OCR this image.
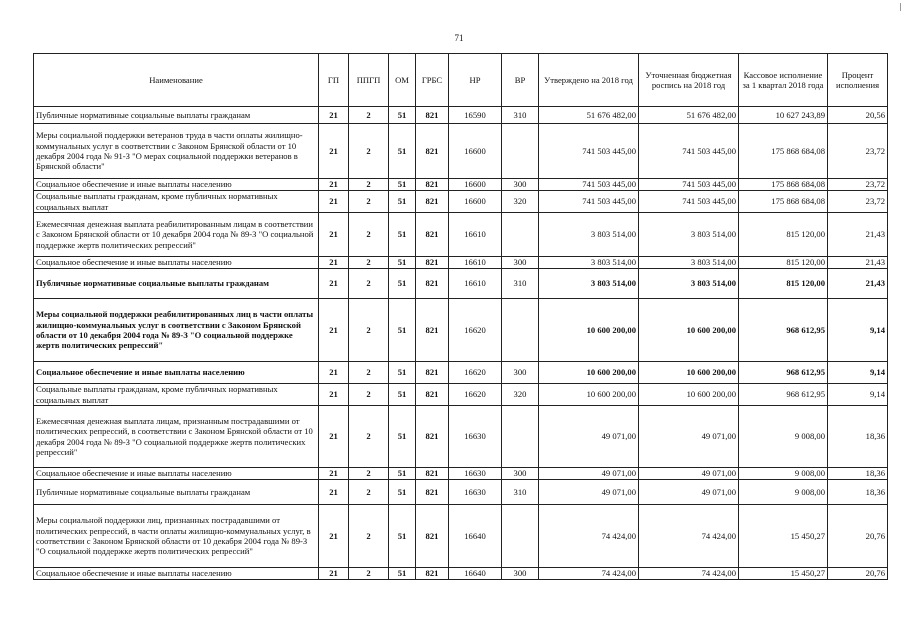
71
Наименование	ГП	ППГП	ОМ	ГРБС	НР	ВР	Утверждено на 2018 год	Уточненная бюджетная роспись на 2018 год	Кассовое исполнение за 1 квартал 2018 года	Процент исполнения
Публичные нормативные социальные выплаты гражданам	21	2	51	821	16590	310	51 676 482,00	51 676 482,00	10 627 243,89	20,56
Меры социальной поддержки ветеранов труда в части оплаты жилищно-коммунальных услуг в соответствии с Законом Брянской области от 10 декабря 2004 года № 91-З "О мерах социальной поддержки ветеранов в Брянской области"	21	2	51	821	16600		741 503 445,00	741 503 445,00	175 868 684,08	23,72
Социальное обеспечение и иные выплаты населению	21	2	51	821	16600	300	741 503 445,00	741 503 445,00	175 868 684,08	23,72
Социальные выплаты гражданам, кроме публичных нормативных социальных выплат	21	2	51	821	16600	320	741 503 445,00	741 503 445,00	175 868 684,08	23,72
Ежемесячная денежная выплата реабилитированным лицам в соответствии с Законом Брянской области от 10 декабря 2004 года № 89-З "О социальной поддержке жертв политических репрессий"	21	2	51	821	16610		3 803 514,00	3 803 514,00	815 120,00	21,43
Социальное обеспечение и иные выплаты населению	21	2	51	821	16610	300	3 803 514,00	3 803 514,00	815 120,00	21,43
Публичные нормативные социальные выплаты гражданам	21	2	51	821	16610	310	3 803 514,00	3 803 514,00	815 120,00	21,43
Меры социальной поддержки реабилитированных лиц в части оплаты жилищно-коммунальных услуг в соответствии с Законом Брянской области от 10 декабря 2004 года № 89-З "О социальной поддержке жертв политических репрессий"	21	2	51	821	16620		10 600 200,00	10 600 200,00	968 612,95	9,14
Социальное обеспечение и иные выплаты населению	21	2	51	821	16620	300	10 600 200,00	10 600 200,00	968 612,95	9,14
Социальные выплаты гражданам, кроме публичных нормативных социальных выплат	21	2	51	821	16620	320	10 600 200,00	10 600 200,00	968 612,95	9,14
Ежемесячная денежная выплата лицам, признанным пострадавшими от политических репрессий, в соответствии с Законом Брянской области от 10 декабря 2004 года № 89-З "О социальной поддержке жертв политических репрессий"	21	2	51	821	16630		49 071,00	49 071,00	9 008,00	18,36
Социальное обеспечение и иные выплаты населению	21	2	51	821	16630	300	49 071,00	49 071,00	9 008,00	18,36
Публичные нормативные социальные выплаты гражданам	21	2	51	821	16630	310	49 071,00	49 071,00	9 008,00	18,36
Меры социальной поддержки лиц, признанных пострадавшими от политических репрессий, в части оплаты жилищно-коммунальных услуг, в соответствии с Законом Брянской области от 10 декабря 2004 года № 89-З "О социальной поддержке жертв политических репрессий"	21	2	51	821	16640		74 424,00	74 424,00	15 450,27	20,76
Социальное обеспечение и иные выплаты населению	21	2	51	821	16640	300	74 424,00	74 424,00	15 450,27	20,76
